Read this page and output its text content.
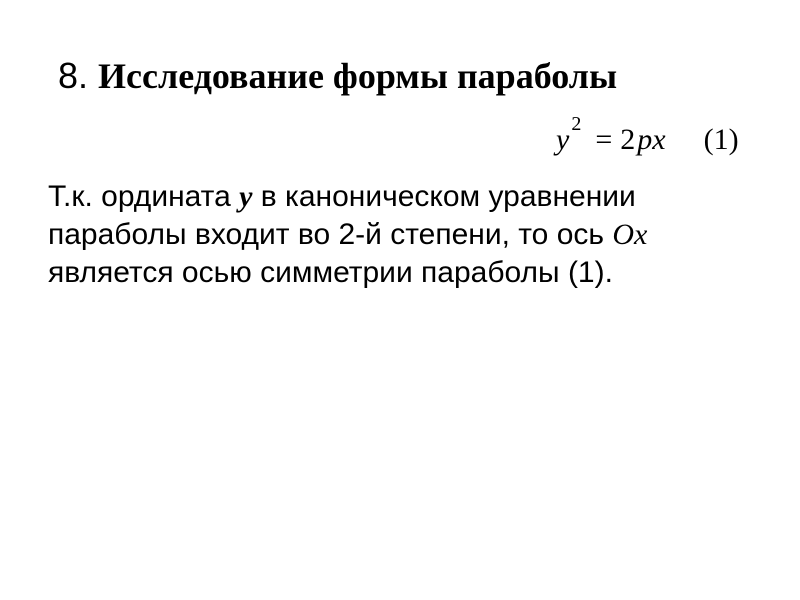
8. Исследование формы параболы
y $^2$ = 2px (1)
Т.к. ордината y в каноническом уравнении
параболы входит во 2-й степени, то ось Ox
является осью симметрии параболы (1).
